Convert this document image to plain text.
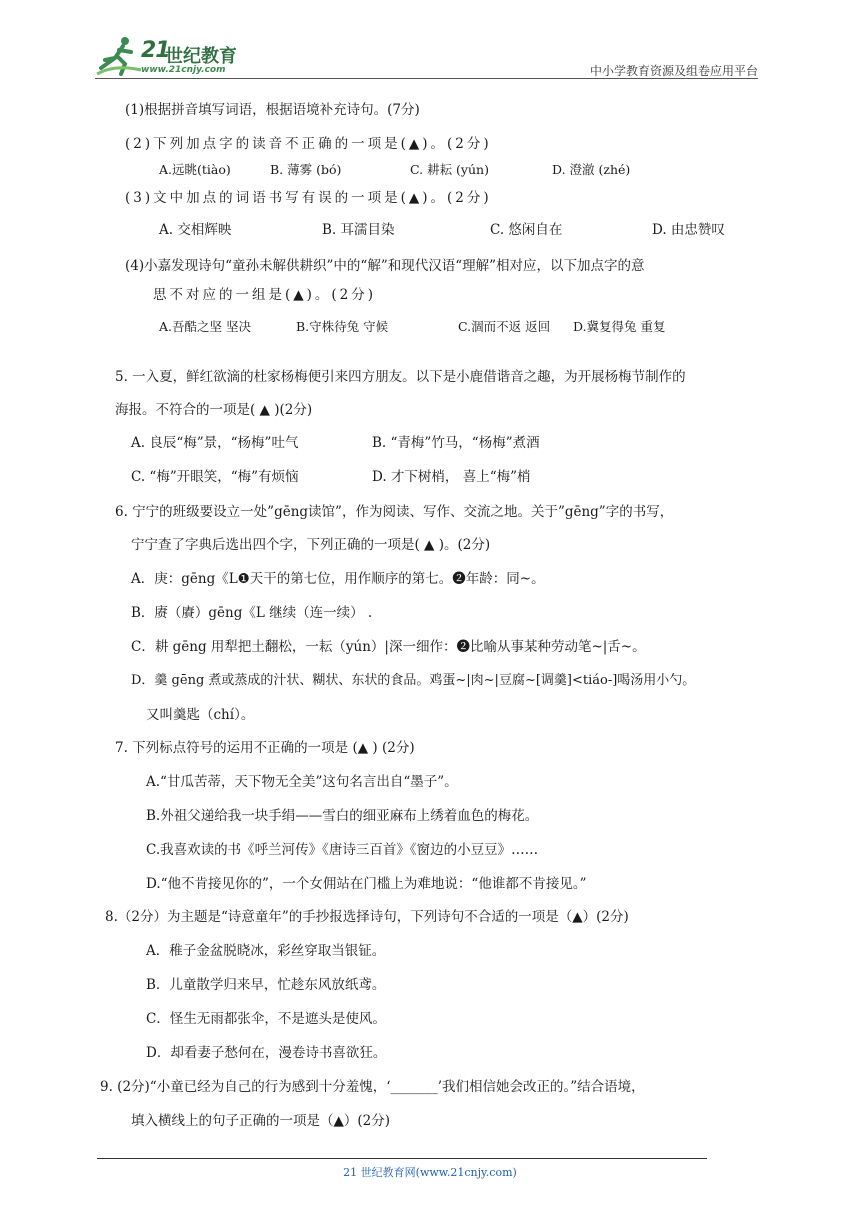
21
世纪教育
www.21cnjy.com	中小学教育资源及组卷应用平台
(1)根据拼音填写词语，根据语境补充诗句。(7分)
(2)下列加点字的读音不正确的一项是(▲)。(2分)
A.远眺(tiào)	B. 薄雾 (bó)	C. 耕耘 (yún)	D. 澄澈 (zhé)
(3)文中加点的词语书写有误的一项是(▲)。(2分)
A. 交相辉映	B. 耳濡目染	C. 悠闲自在	D. 由忠赞叹
(4)小嘉发现诗句“童孙未解供耕织”中的“解”和现代汉语“理解”相对应，以下加点字的意
思不对应的一组是(▲)。(2分)
A.吾酷之坚 坚决	B.守株待兔 守候	C.涸而不返 返回 D.冀复得兔 重复
5. 一入夏，鲜红欲滴的杜家杨梅便引来四方朋友。以下是小鹿借谐音之趣，为开展杨梅节制作的
海报。不符合的一项是( ▲ )(2分)
A. 良辰“梅”景，“杨梅”吐气	B. “青梅”竹马，“杨梅”煮酒
C. “梅”开眼笑，“梅”有烦恼	D. 才下树梢， 喜上“梅”梢
6. 宁宁的班级要设立一处”gēng读馆”，作为阅读、写作、交流之地。关于”gēng”字的书写，
宁宁查了字典后选出四个字，下列正确的一项是( ▲ )。(2分)
A．庚：gēng《L❶天干的第七位，用作顺序的第七。❷年龄：同~。
B．赓（賡）gēng《L 继续（连一续） .
C．耕 gēng 用犁把土翻松，一耘（yún）|深一细作：❷比喻从事某种劳动笔~|舌~。
D．羹 gēng 煮或蒸成的汁状、糊状、东状的食品。鸡蛋~|肉~|豆腐~[调羹]<tiáo-]喝汤用小勺。
又叫羹匙（chí）。
7. 下列标点符号的运用不正确的一项是 (▲ ) (2分)
A.“甘瓜苦蒂，天下物无全美”这句名言出自“墨子”。
B.外祖父递给我一块手绢——雪白的细亚麻布上绣着血色的梅花。
C.我喜欢读的书《呼兰河传》《唐诗三百首》《窗边的小豆豆》……
D.“他不肯接见你的”，一个女佣站在门槛上为难地说：“他谁都不肯接见。”
8.（2分）为主题是“诗意童年”的手抄报选择诗句，下列诗句不合适的一项是（▲）(2分)
A．稚子金盆脱晓冰，彩丝穿取当银钲。
B．儿童散学归来早，忙趁东风放纸鸢。
C．怪生无雨都张伞，不是遮头是使风。
D．却看妻子愁何在，漫卷诗书喜欲狂。
9. (2分)“小童已经为自己的行为感到十分羞愧，‘_______’我们相信她会改正的。”结合语境，
填入横线上的句子正确的一项是（▲）(2分)
21 世纪教育网(www.21cnjy.com)
